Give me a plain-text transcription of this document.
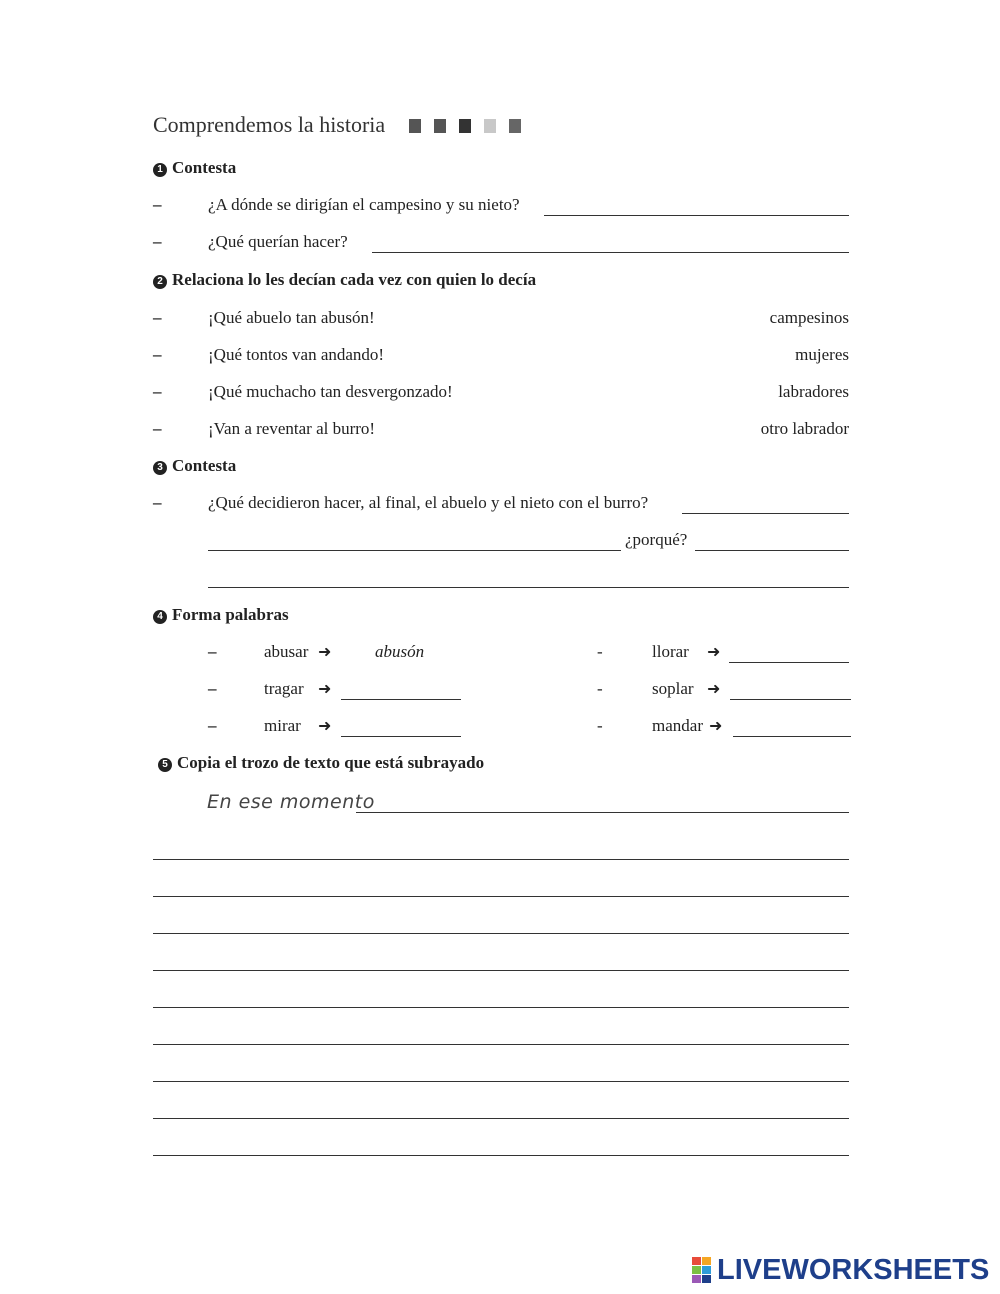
Comprendemos la historia
1 Contesta
–	¿A dónde se dirigían el campesino y su nieto?
–	¿Qué querían hacer?
2 Relaciona lo les decían cada vez con quien lo decía
–	¡Qué abuelo tan abusón!	campesinos
–	¡Qué tontos van andando!	mujeres
–	¡Qué muchacho tan desvergonzado!	labradores
–	¡Van a reventar al burro!	otro labrador
3 Contesta
–	¿Qué decidieron hacer, al final, el abuelo y el nieto con el burro?
¿porqué?
4 Forma palabras
–	abusar ➜	abusón	-	llorar ➜
–	tragar ➜	-	soplar ➜
–	mirar ➜	-	mandar ➜
5 Copia el trozo de texto que está subrayado
En ese momento
LIVEWORKSHEETS
